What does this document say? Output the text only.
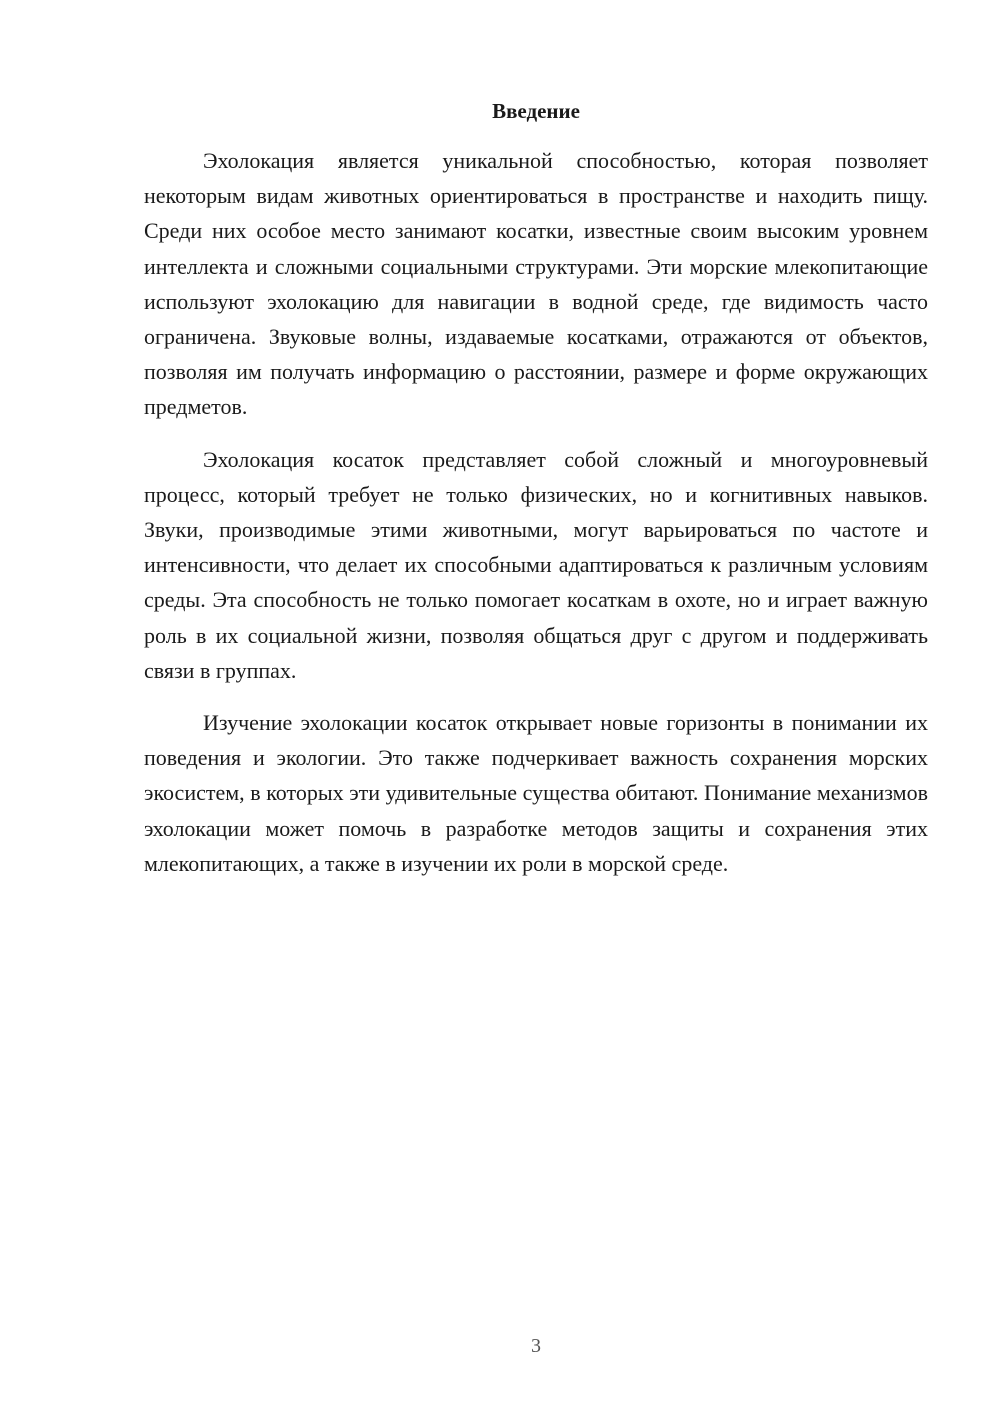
Введение

Эхолокация является уникальной способностью, которая позволяет некоторым видам животных ориентироваться в пространстве и находить пищу. Среди них особое место занимают косатки, известные своим высоким уровнем интеллекта и сложными социальными структурами. Эти морские млекопитающие используют эхолокацию для навигации в водной среде, где видимость часто ограничена. Звуковые волны, издаваемые косатками, отражаются от объектов, позволяя им получать информацию о расстоянии, размере и форме окружающих предметов.

Эхолокация косаток представляет собой сложный и многоуровневый процесс, который требует не только физических, но и когнитивных навыков. Звуки, производимые этими животными, могут варьироваться по частоте и интенсивности, что делает их способными адаптироваться к различным условиям среды. Эта способность не только помогает косаткам в охоте, но и играет важную роль в их социальной жизни, позволяя общаться друг с другом и поддерживать связи в группах.

Изучение эхолокации косаток открывает новые горизонты в понимании их поведения и экологии. Это также подчеркивает важность сохранения морских экосистем, в которых эти удивительные существа обитают. Понимание механизмов эхолокации может помочь в разработке методов защиты и сохранения этих млекопитающих, а также в изучении их роли в морской среде.

3
